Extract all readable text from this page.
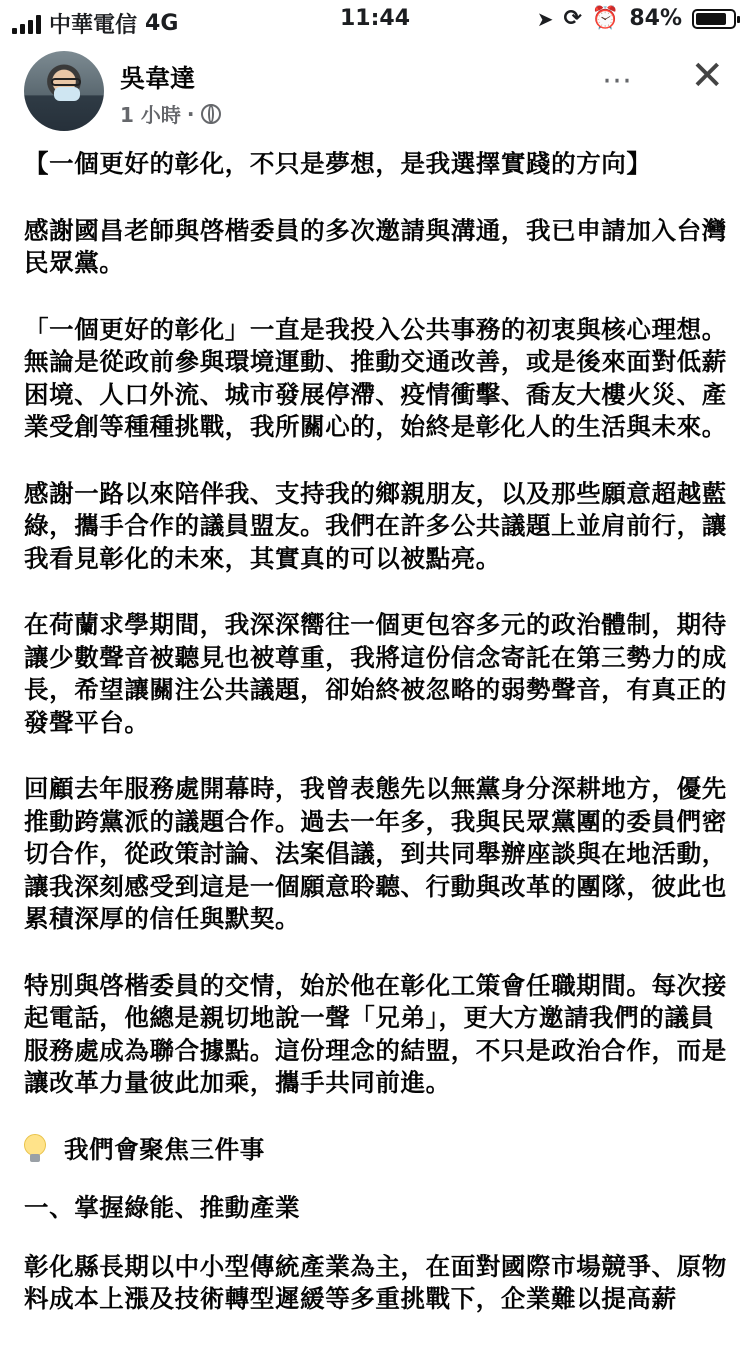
中華電信 4G	11:44	➤ ⟳ ⏰ 84%
吳韋達
1 小時 ·
⋯ ✕

【一個更好的彰化，不只是夢想，是我選擇實踐的方向】

感謝國昌老師與啓楷委員的多次邀請與溝通，我已申請加入台灣民眾黨。

「一個更好的彰化」一直是我投入公共事務的初衷與核心理想。無論是從政前參與環境運動、推動交通改善，或是後來面對低薪困境、人口外流、城市發展停滯、疫情衝擊、喬友大樓火災、產業受創等種種挑戰，我所關心的，始終是彰化人的生活與未來。

感謝一路以來陪伴我、支持我的鄉親朋友，以及那些願意超越藍綠，攜手合作的議員盟友。我們在許多公共議題上並肩前行，讓我看見彰化的未來，其實真的可以被點亮。

在荷蘭求學期間，我深深嚮往一個更包容多元的政治體制，期待讓少數聲音被聽見也被尊重，我將這份信念寄託在第三勢力的成長，希望讓關注公共議題，卻始終被忽略的弱勢聲音，有真正的發聲平台。

回顧去年服務處開幕時，我曾表態先以無黨身分深耕地方，優先推動跨黨派的議題合作。過去一年多，我與民眾黨團的委員們密切合作，從政策討論、法案倡議，到共同舉辦座談與在地活動，讓我深刻感受到這是一個願意聆聽、行動與改革的團隊，彼此也累積深厚的信任與默契。

特別與啓楷委員的交情，始於他在彰化工策會任職期間。每次接起電話，他總是親切地說一聲「兄弟」，更大方邀請我們的議員服務處成為聯合據點。這份理念的結盟，不只是政治合作，而是讓改革力量彼此加乘，攜手共同前進。

我們會聚焦三件事

一、掌握綠能、推動產業

彰化縣長期以中小型傳統產業為主，在面對國際市場競爭、原物料成本上漲及技術轉型遲緩等多重挑戰下，企業難以提高薪
